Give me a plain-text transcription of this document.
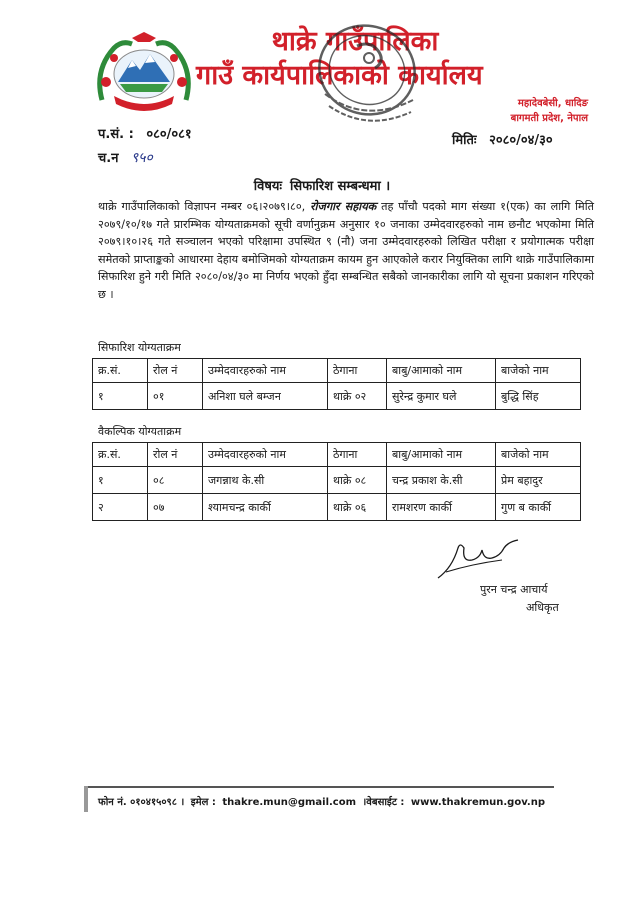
थाक्रे गाउँपालिका
गाउँ कार्यपालिकाको कार्यालय
महादेवबेसी, धादिङ
बागमती प्रदेश, नेपाल
प.सं. : ०८०/०८१
च.न ९५०
मितिः २०८०/०४/३०
विषयः सिफारिश सम्बन्धमा ।
थाक्रे गाउँपालिकाको विज्ञापन नम्बर ०६।२०७९।८०, रोजगार सहायक तह पाँचौ पदको माग संख्या १(एक) का लागि मिति २०७९/१०/१७ गते प्रारम्भिक योग्यताक्रमको सूची वर्णानुक्रम अनुसार १० जनाका उम्मेदवारहरुको नाम छनौट भएकोमा मिति २०७९।१०।२६ गते सञ्चालन भएको परिक्षामा उपस्थित ९ (नौ) जना उम्मेदवारहरुको लिखित परीक्षा र प्रयोगात्मक परीक्षा समेतको प्राप्ताङ्कको आधारमा देहाय बमोजिमको योग्यताक्रम कायम हुन आएकोले करार नियुक्तिका लागि थाक्रे गाउँपालिकामा सिफारिश हुने गरी मिति २०८०/०४/३० मा निर्णय भएको हुँदा सम्बन्धित सबैको जानकारीका लागि यो सूचना प्रकाशन गरिएको छ ।
सिफारिश योग्यताक्रम
क्र.सं.	रोल नं	उम्मेदवारहरुको नाम	ठेगाना	बाबु/आमाको नाम	बाजेको नाम
१	०१	अनिशा घले बम्जन	थाक्रे ०२	सुरेन्द्र कुमार घले	बुद्धि सिंह
वैकल्पिक योग्यताक्रम
क्र.सं.	रोल नं	उम्मेदवारहरुको नाम	ठेगाना	बाबु/आमाको नाम	बाजेको नाम
१	०८	जगन्नाथ के.सी	थाक्रे ०८	चन्द्र प्रकाश के.सी	प्रेम बहादुर
२	०७	श्यामचन्द्र कार्की	थाक्रे ०६	रामशरण कार्की	गुण ब कार्की
पुरन चन्द्र आचार्य
अधिकृत
फोन नं. ०१०४१५०९८ । इमेल : thakre.mun@gmail.com ।वेबसाईट : www.thakremun.gov.np
